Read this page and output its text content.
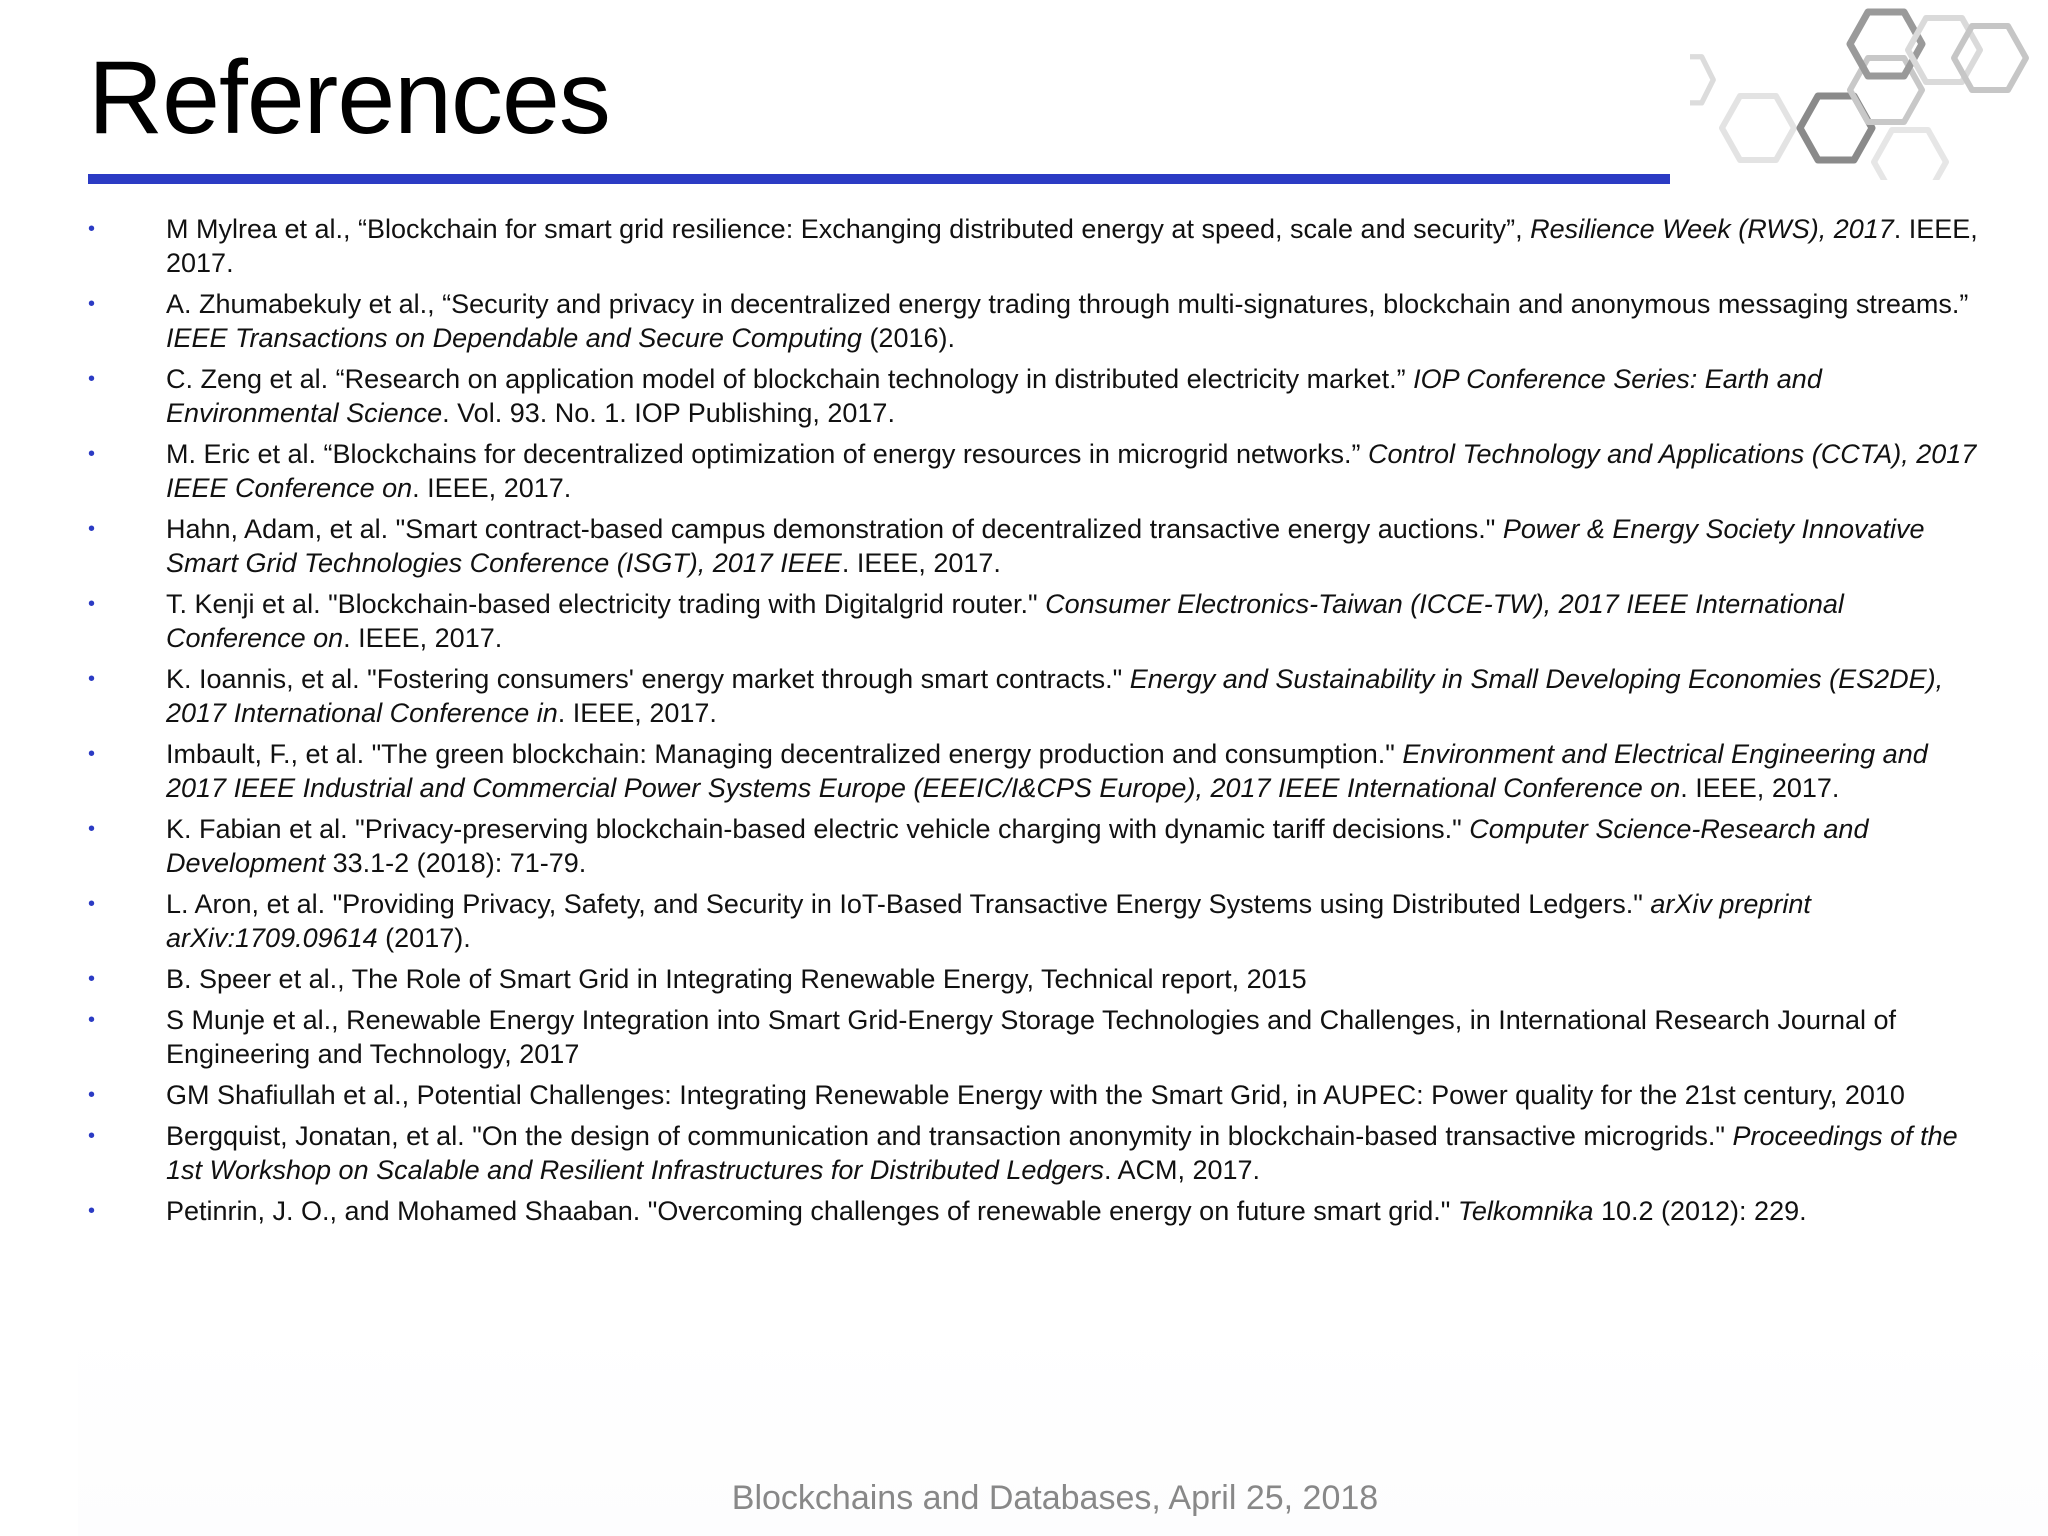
References
•	M Mylrea et al., “Blockchain for smart grid resilience: Exchanging distributed energy at speed, scale and security”, Resilience Week (RWS), 2017. IEEE, 2017.
•	A. Zhumabekuly et al., “Security and privacy in decentralized energy trading through multi-signatures, blockchain and anonymous messaging streams.” IEEE Transactions on Dependable and Secure Computing (2016).
•	C. Zeng et al. “Research on application model of blockchain technology in distributed electricity market.” IOP Conference Series: Earth and Environmental Science. Vol. 93. No. 1. IOP Publishing, 2017.
•	M. Eric et al. “Blockchains for decentralized optimization of energy resources in microgrid networks.” Control Technology and Applications (CCTA), 2017 IEEE Conference on. IEEE, 2017.
•	Hahn, Adam, et al. "Smart contract-based campus demonstration of decentralized transactive energy auctions." Power & Energy Society Innovative Smart Grid Technologies Conference (ISGT), 2017 IEEE. IEEE, 2017.
•	T. Kenji et al. "Blockchain-based electricity trading with Digitalgrid router." Consumer Electronics-Taiwan (ICCE-TW), 2017 IEEE International Conference on. IEEE, 2017.
•	K. Ioannis, et al. "Fostering consumers' energy market through smart contracts." Energy and Sustainability in Small Developing Economies (ES2DE), 2017 International Conference in. IEEE, 2017.
•	Imbault, F., et al. "The green blockchain: Managing decentralized energy production and consumption." Environment and Electrical Engineering and 2017 IEEE Industrial and Commercial Power Systems Europe (EEEIC/I&CPS Europe), 2017 IEEE International Conference on. IEEE, 2017.
•	K. Fabian et al. "Privacy-preserving blockchain-based electric vehicle charging with dynamic tariff decisions." Computer Science-Research and Development 33.1-2 (2018): 71-79.
•	L. Aron, et al. "Providing Privacy, Safety, and Security in IoT-Based Transactive Energy Systems using Distributed Ledgers." arXiv preprint arXiv:1709.09614 (2017).
•	B. Speer et al., The Role of Smart Grid in Integrating Renewable Energy, Technical report, 2015
•	S Munje et al., Renewable Energy Integration into Smart Grid-Energy Storage Technologies and Challenges, in International Research Journal of Engineering and Technology, 2017
•	GM Shafiullah et al., Potential Challenges: Integrating Renewable Energy with the Smart Grid, in AUPEC: Power quality for the 21st century, 2010
•	Bergquist, Jonatan, et al. "On the design of communication and transaction anonymity in blockchain-based transactive microgrids." Proceedings of the 1st Workshop on Scalable and Resilient Infrastructures for Distributed Ledgers. ACM, 2017.
•	Petinrin, J. O., and Mohamed Shaaban. "Overcoming challenges of renewable energy on future smart grid." Telkomnika 10.2 (2012): 229.
Blockchains and Databases, April 25, 2018
